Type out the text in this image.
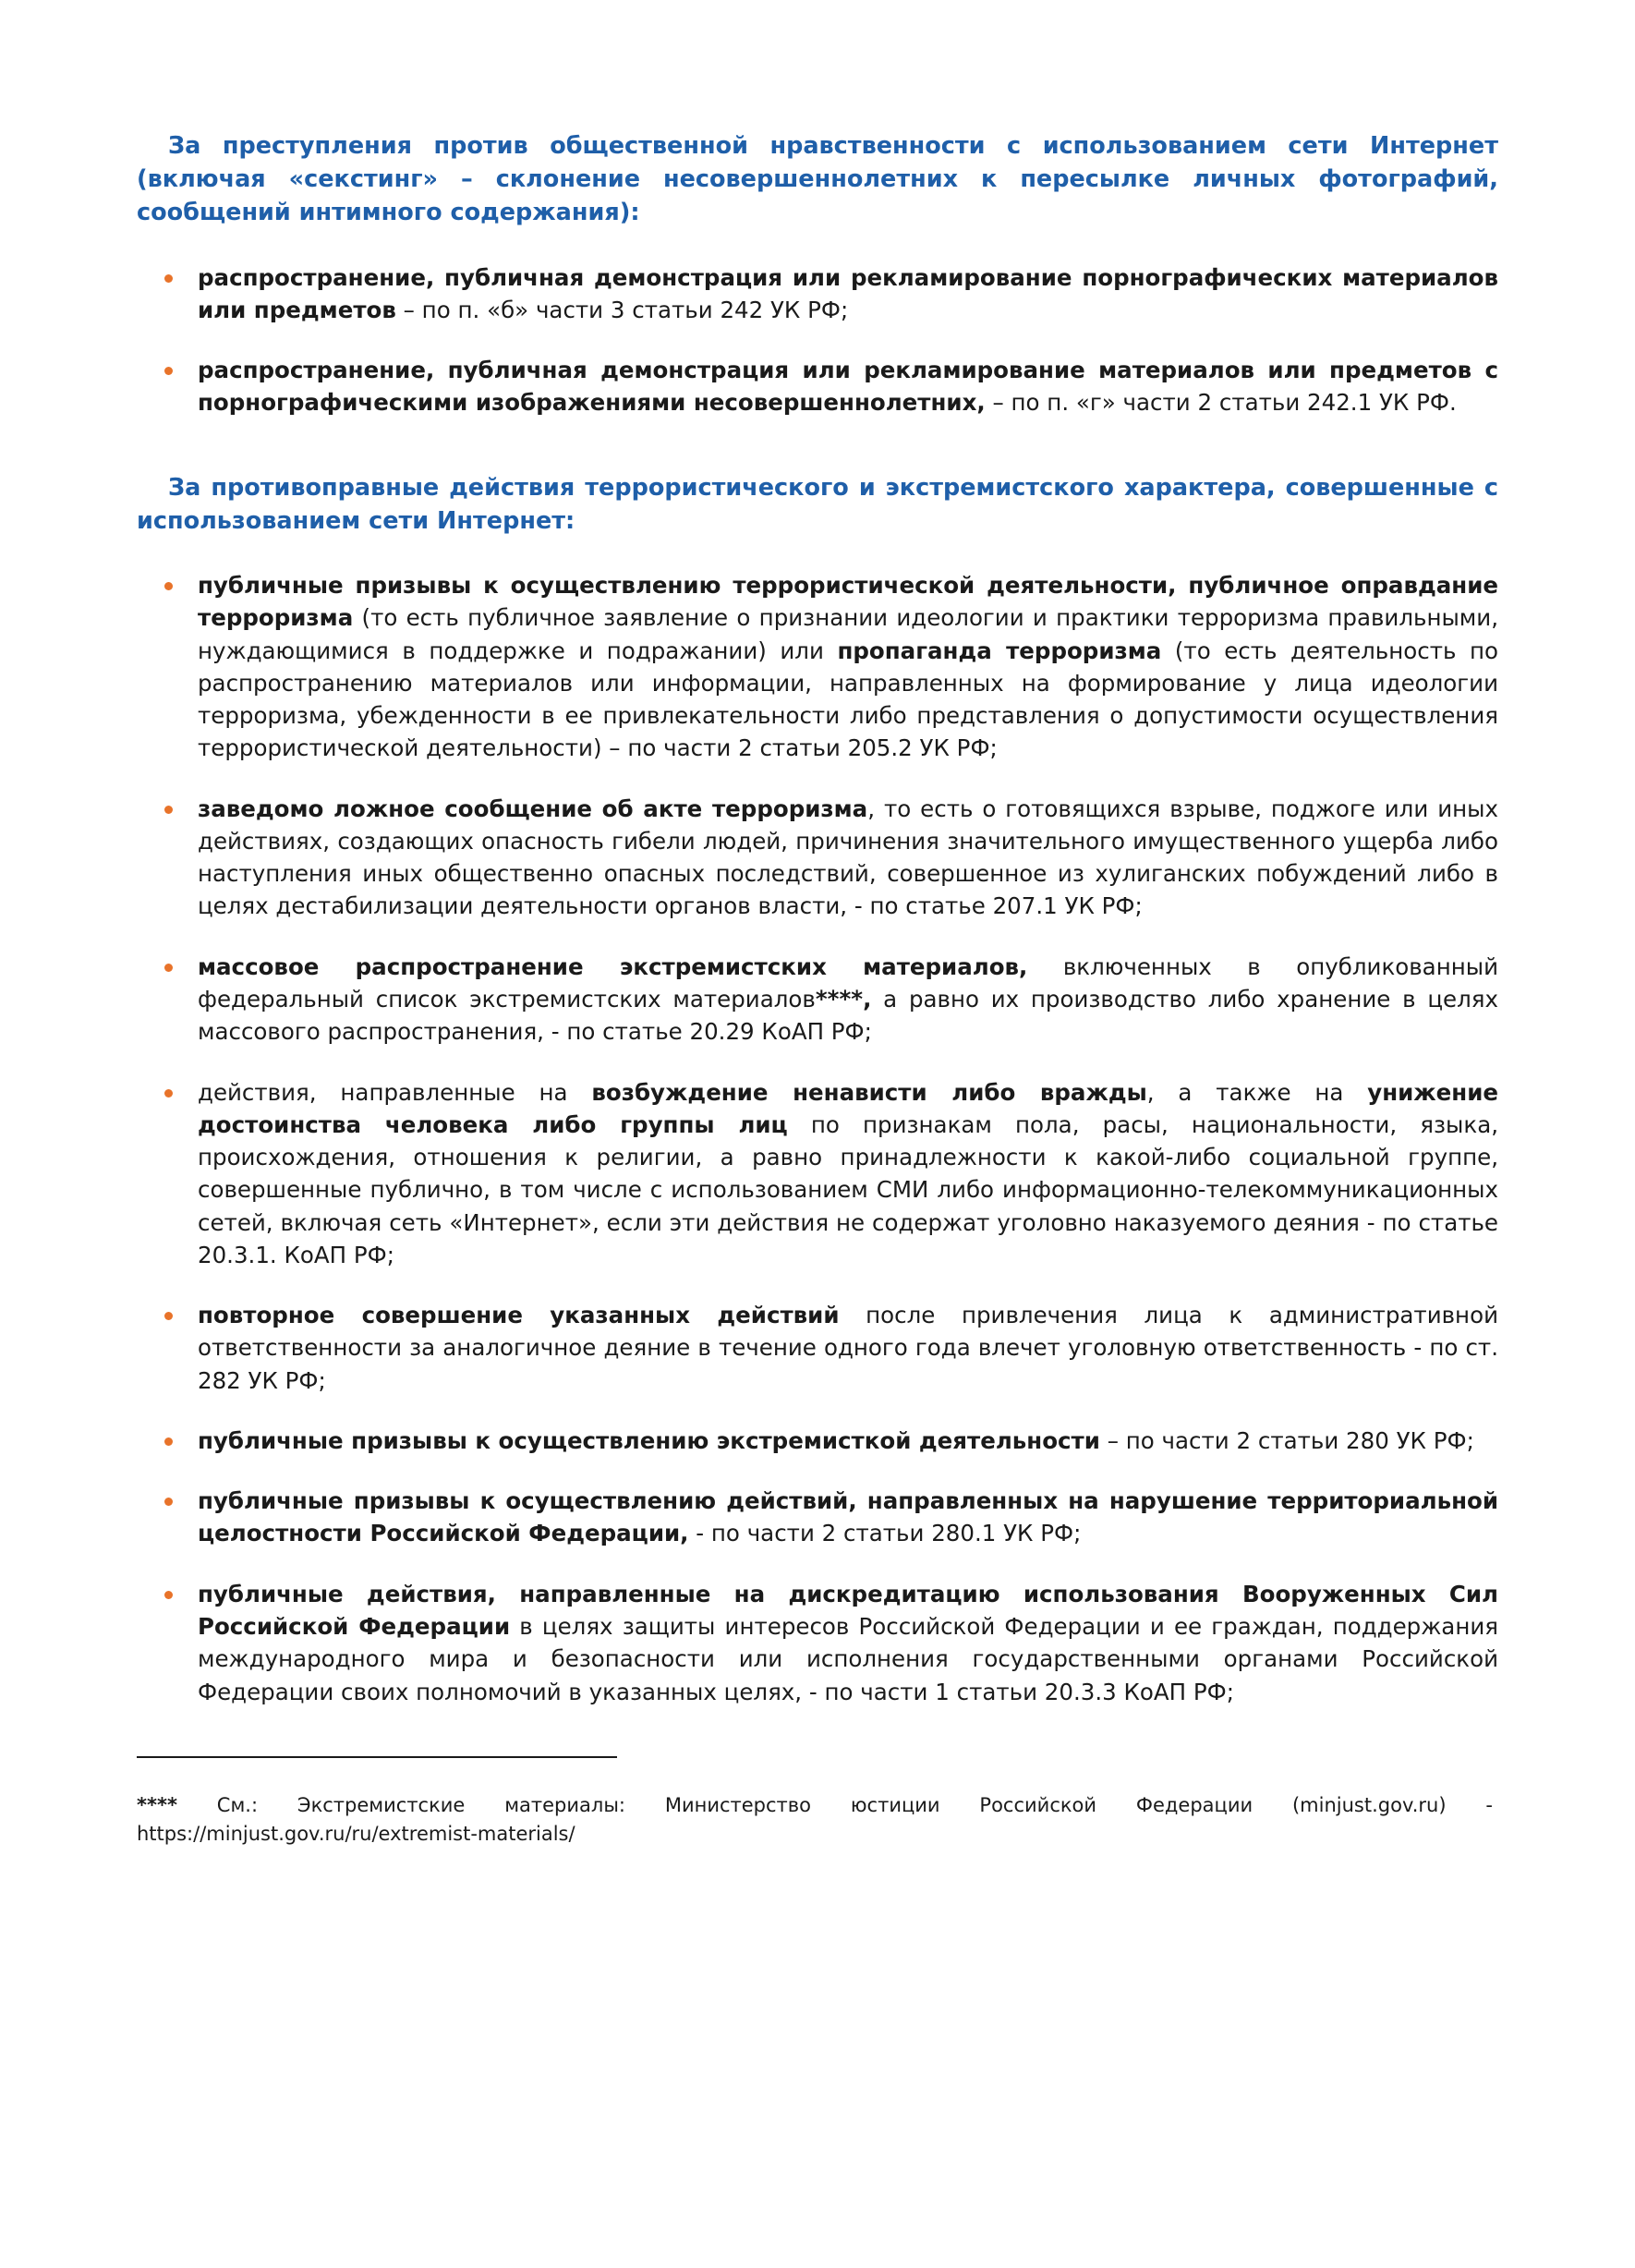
За преступления против общественной нравственности с использованием сети Интернет (включая «секстинг» – склонение несовершеннолетних к пересылке личных фотографий, сообщений интимного содержания):

распространение, публичная демонстрация или рекламирование порнографических материалов или предметов – по п. «б» части 3 статьи 242 УК РФ;
распространение, публичная демонстрация или рекламирование материалов или предметов с порнографическими изображениями несовершеннолетних, – по п. «г» части 2 статьи 242.1 УК РФ.

За противоправные действия террористического и экстремистского характера, совершенные с использованием сети Интернет:

публичные призывы к осуществлению террористической деятельности, публичное оправдание терроризма (то есть публичное заявление о признании идеологии и практики терроризма правильными, нуждающимися в поддержке и подражании) или пропаганда терроризма (то есть деятельность по распространению материалов или информации, направленных на формирование у лица идеологии терроризма, убежденности в ее привлекательности либо представления о допустимости осуществления террористической деятельности) – по части 2 статьи 205.2 УК РФ;
заведомо ложное сообщение об акте терроризма, то есть о готовящихся взрыве, поджоге или иных действиях, создающих опасность гибели людей, причинения значительного имущественного ущерба либо наступления иных общественно опасных последствий, совершенное из хулиганских побуждений либо в целях дестабилизации деятельности органов власти, - по статье 207.1 УК РФ;
массовое распространение экстремистских материалов, включенных в опубликованный федеральный список экстремистских материалов****, а равно их производство либо хранение в целях массового распространения, - по статье 20.29 КоАП РФ;
действия, направленные на возбуждение ненависти либо вражды, а также на унижение достоинства человека либо группы лиц по признакам пола, расы, национальности, языка, происхождения, отношения к религии, а равно принадлежности к какой-либо социальной группе, совершенные публично, в том числе с использованием СМИ либо информационно-телекоммуникационных сетей, включая сеть «Интернет», если эти действия не содержат уголовно наказуемого деяния - по статье 20.3.1. КоАП РФ;
повторное совершение указанных действий после привлечения лица к административной ответственности за аналогичное деяние в течение одного года влечет уголовную ответственность - по ст. 282 УК РФ;
публичные призывы к осуществлению экстремисткой деятельности – по части 2 статьи 280 УК РФ;
публичные призывы к осуществлению действий, направленных на нарушение территориальной целостности Российской Федерации, - по части 2 статьи 280.1 УК РФ;
публичные действия, направленные на дискредитацию использования Вооруженных Сил Российской Федерации в целях защиты интересов Российской Федерации и ее граждан, поддержания международного мира и безопасности или исполнения государственными органами Российской Федерации своих полномочий в указанных целях, - по части 1 статьи 20.3.3 КоАП РФ;

**** См.: Экстремистские материалы: Министерство юстиции Российской Федерации (minjust.gov.ru) - https://minjust.gov.ru/ru/extremist-materials/
